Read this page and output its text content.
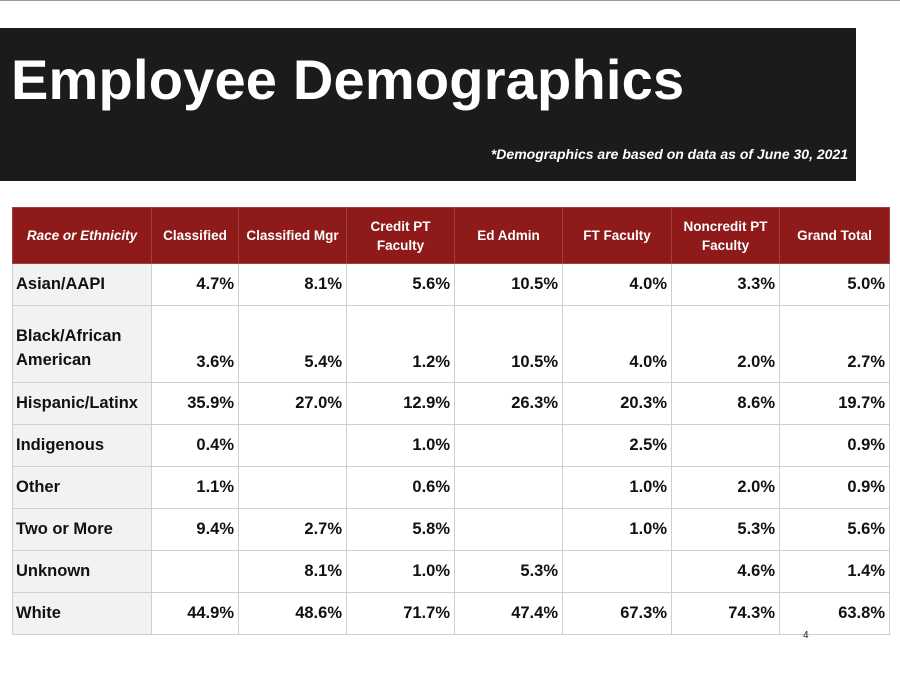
Employee Demographics
*Demographics are based on data as of June 30, 2021
Race or Ethnicity	Classified	Classified Mgr	Credit PT Faculty	Ed Admin	FT Faculty	Noncredit PT Faculty	Grand Total
Asian/AAPI	4.7%	8.1%	5.6%	10.5%	4.0%	3.3%	5.0%
Black/African American	3.6%	5.4%	1.2%	10.5%	4.0%	2.0%	2.7%
Hispanic/Latinx	35.9%	27.0%	12.9%	26.3%	20.3%	8.6%	19.7%
Indigenous	0.4%		1.0%		2.5%		0.9%
Other	1.1%		0.6%		1.0%	2.0%	0.9%
Two or More	9.4%	2.7%	5.8%		1.0%	5.3%	5.6%
Unknown		8.1%	1.0%	5.3%		4.6%	1.4%
White	44.9%	48.6%	71.7%	47.4%	67.3%	74.3%	63.8%
4
